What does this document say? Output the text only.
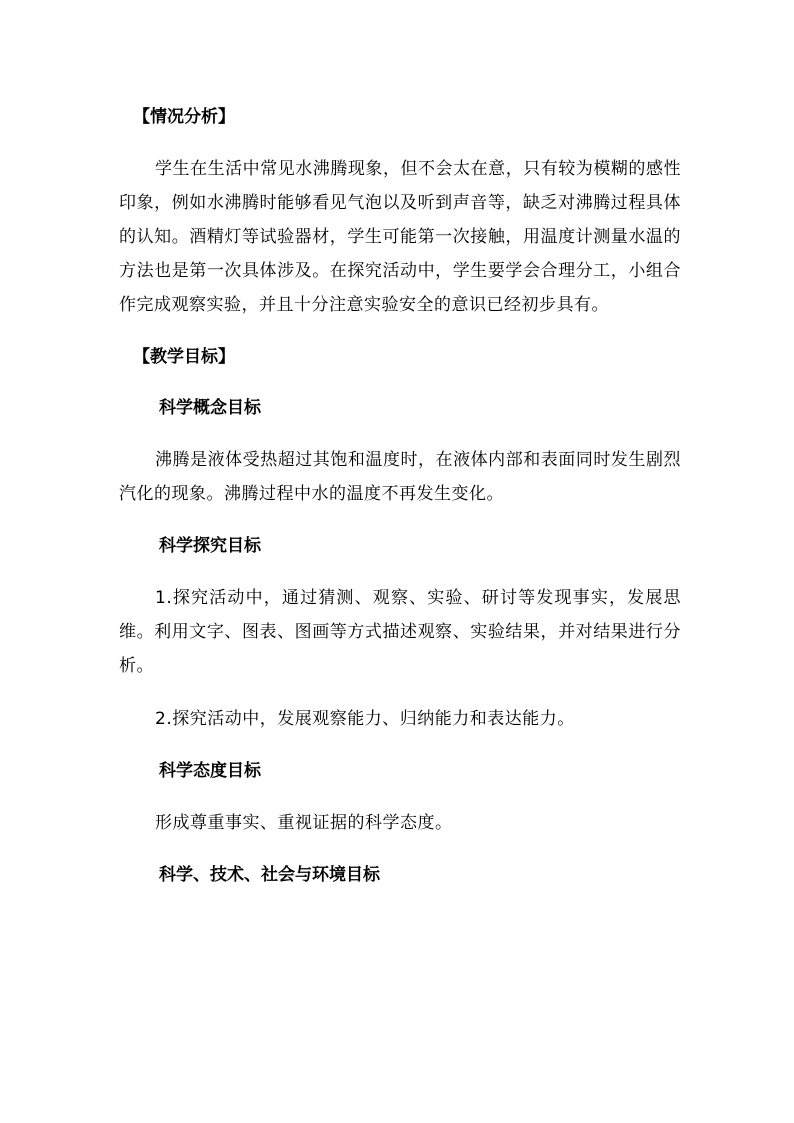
【情况分析】

学生在生活中常见水沸腾现象，但不会太在意，只有较为模糊的感性印象，例如水沸腾时能够看见气泡以及听到声音等，缺乏对沸腾过程具体的认知。酒精灯等试验器材，学生可能第一次接触，用温度计测量水温的方法也是第一次具体涉及。在探究活动中，学生要学会合理分工，小组合作完成观察实验，并且十分注意实验安全的意识已经初步具有。

【教学目标】
科学概念目标

沸腾是液体受热超过其饱和温度时，在液体内部和表面同时发生剧烈汽化的现象。沸腾过程中水的温度不再发生变化。

科学探究目标

1.探究活动中，通过猜测、观察、实验、研讨等发现事实，发展思维。利用文字、图表、图画等方式描述观察、实验结果，并对结果进行分析。

2.探究活动中，发展观察能力、归纳能力和表达能力。

科学态度目标

形成尊重事实、重视证据的科学态度。

科学、技术、社会与环境目标
